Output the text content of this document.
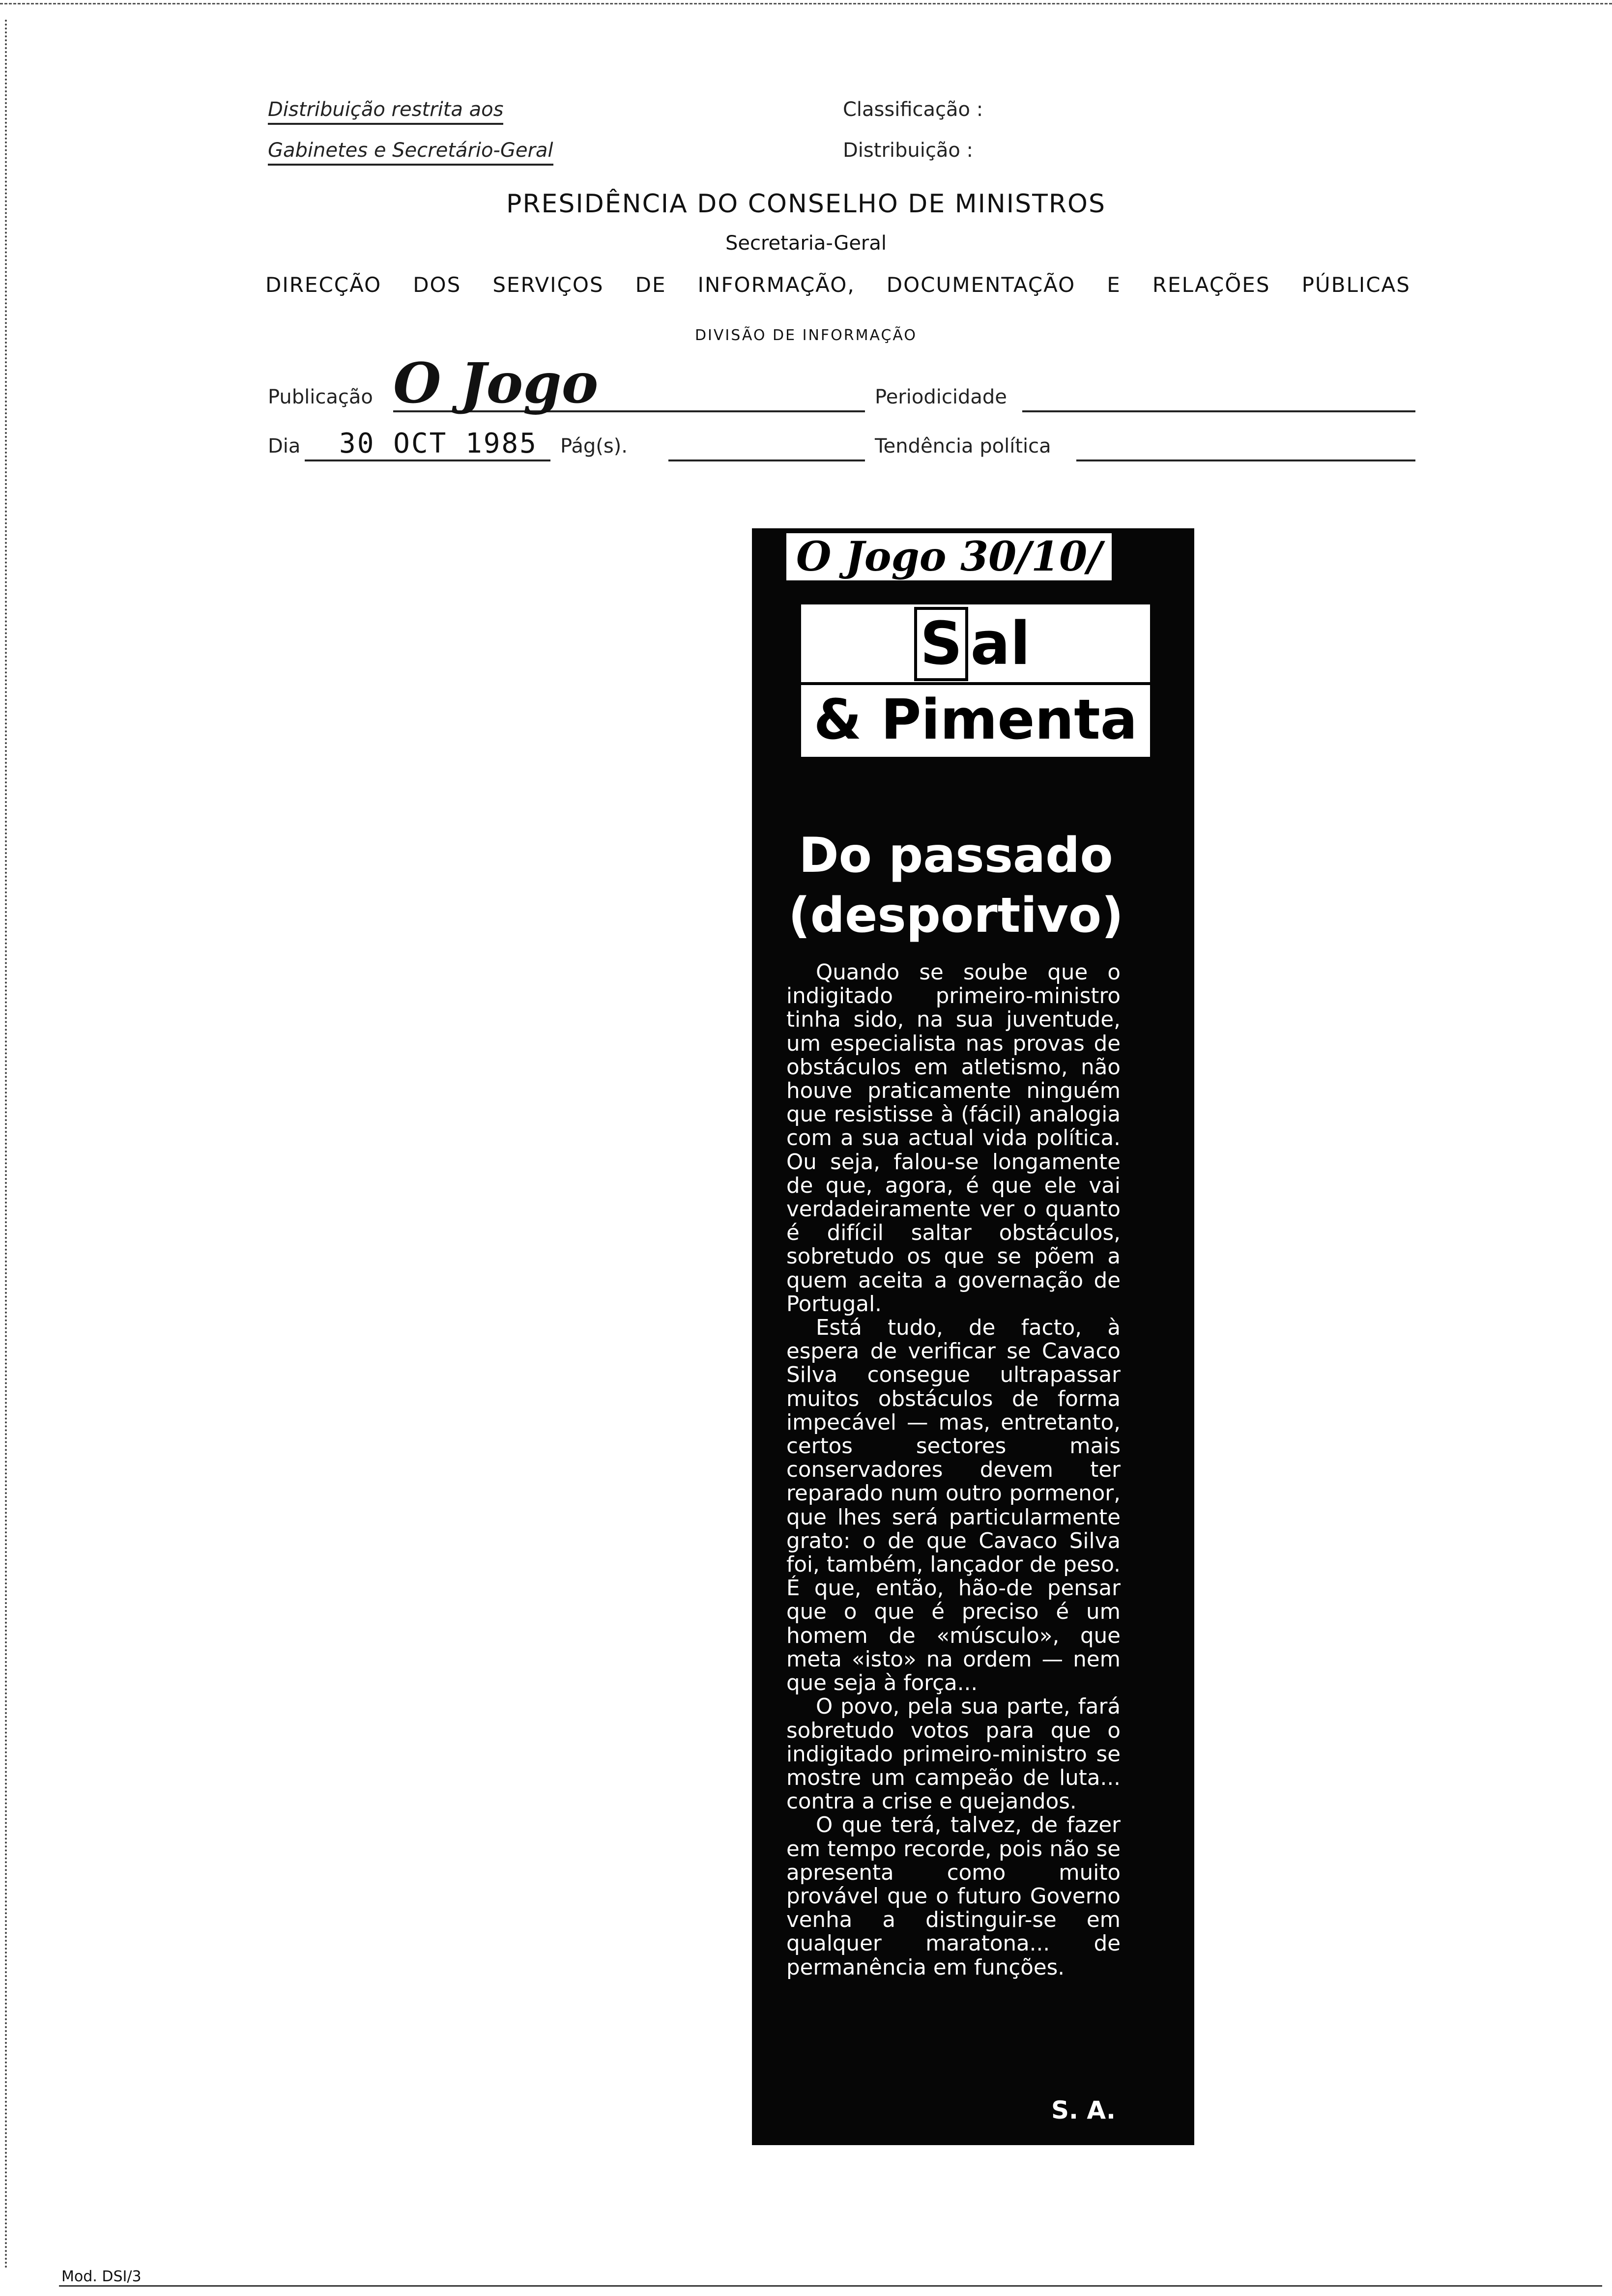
Distribuição restrita aos
Gabinetes e Secretário-Geral
Classificação :
Distribuição :
PRESIDÊNCIA DO CONSELHO DE MINISTROS
Secretaria-Geral
DIRECÇÃO DOS SERVIÇOS DE INFORMAÇÃO, DOCUMENTAÇÃO E RELAÇÕES PÚBLICAS
DIVISÃO DE INFORMAÇÃO
Publicação O Jogo	Periodicidade
Dia 30 OCT 1985 Pág(s).	Tendência política
O Jogo 30/10/
S al
& Pimenta
Do passado
(desportivo)

Quando se soube que o indigitado primeiro-ministro tinha sido, na sua juventude, um especialista nas provas de obstáculos em atletismo, não houve praticamente ninguém que resistisse à (fácil) analogia com a sua actual vida política. Ou seja, falou-se longamente de que, agora, é que ele vai verdadeiramente ver o quanto é difícil saltar obstáculos, sobretudo os que se põem a quem aceita a governação de Portugal.

Está tudo, de facto, à espera de verificar se Cavaco Silva consegue ultrapassar muitos obstáculos de forma impecável — mas, entretanto, certos sectores mais conservadores devem ter reparado num outro pormenor, que lhes será particularmente grato: o de que Cavaco Silva foi, também, lançador de peso. É que, então, hão-de pensar que o que é preciso é um homem de «músculo», que meta «isto» na ordem — nem que seja à força...

O povo, pela sua parte, fará sobretudo votos para que o indigitado primeiro-ministro se mostre um campeão de luta... contra a crise e quejandos.

O que terá, talvez, de fazer em tempo recorde, pois não se apresenta como muito provável que o futuro Governo venha a distinguir-se em qualquer maratona... de permanência em funções.

S. A.
Mod. DSI/3
